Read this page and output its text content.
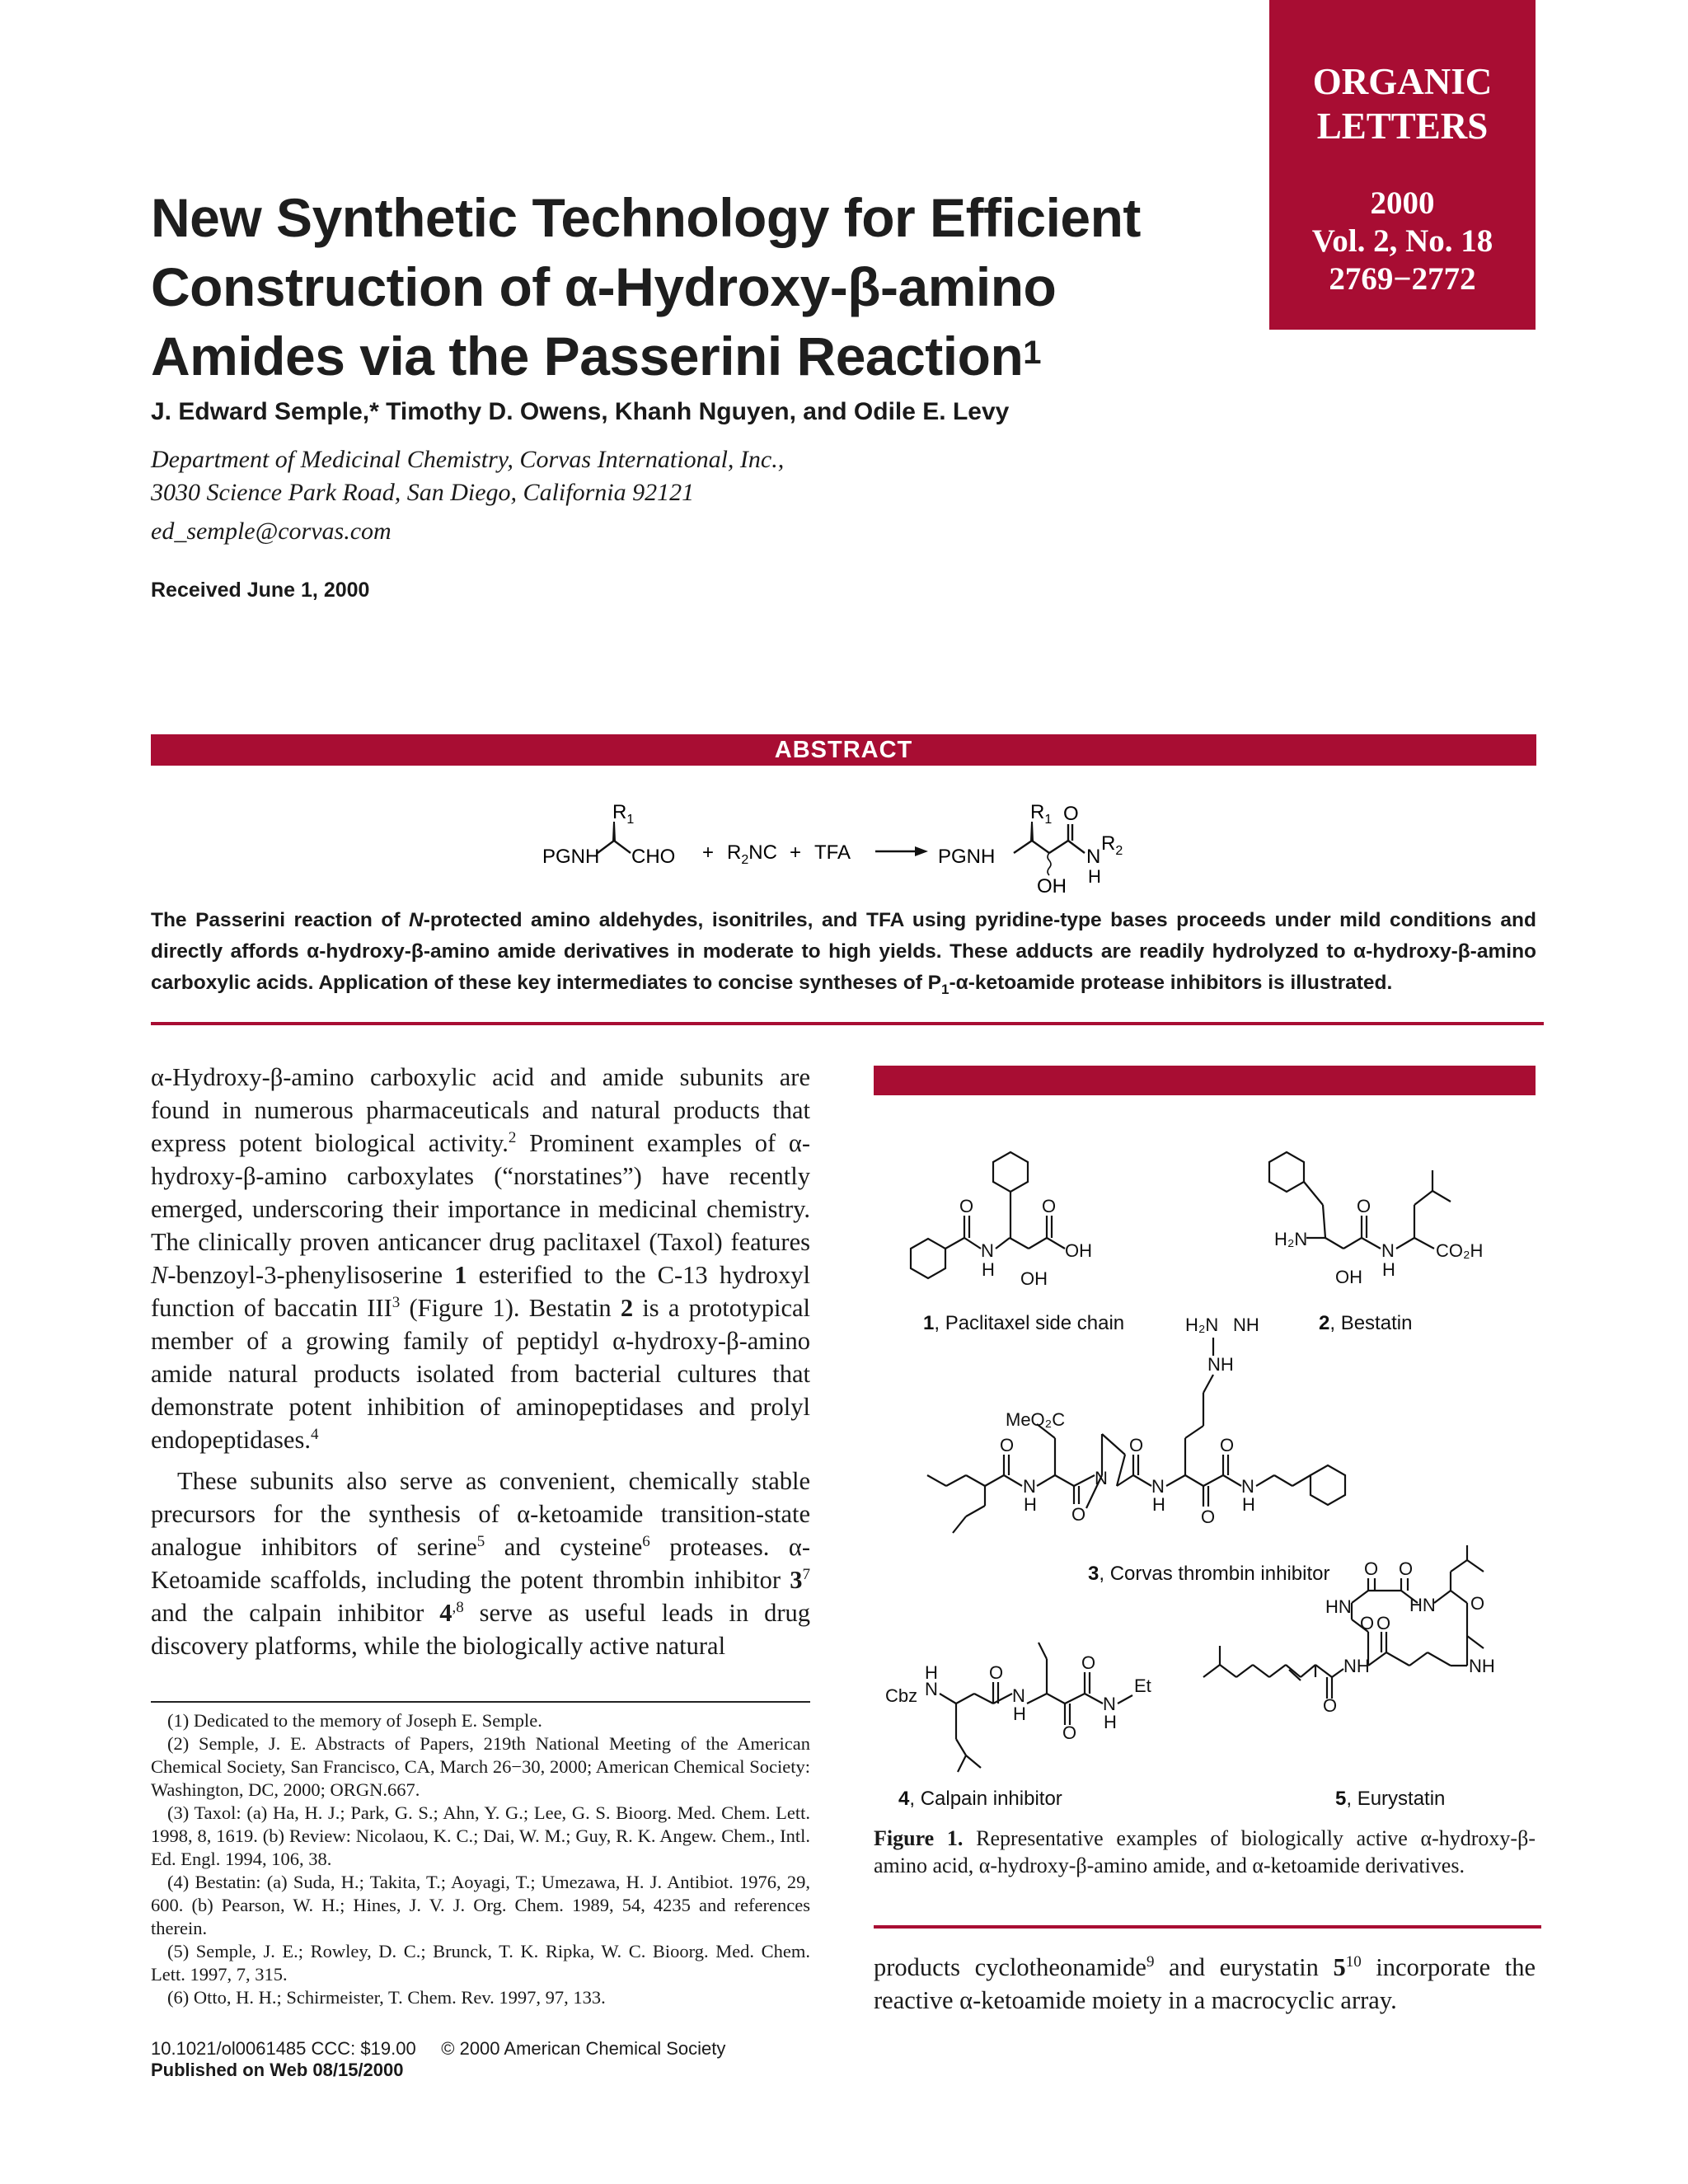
ORGANIC
LETTERS
2000
Vol. 2, No. 18
2769−2772
New Synthetic Technology for Efficient
Construction of α-Hydroxy-β-amino
Amides via the Passerini Reaction$^1$
J. Edward Semple,* Timothy D. Owens, Khanh Nguyen, and Odile E. Levy
Department of Medicinal Chemistry, Corvas International, Inc.,
3030 Science Park Road, San Diego, California 92121
ed_semple@corvas.com
Received June 1, 2000
ABSTRACT
$R_1$
PGNH CHO + $R_2NC$ + TFA
$R_1$ O
PGNH	N
H
$R_2$
OH
The Passerini reaction of N-protected amino aldehydes, isonitriles, and TFA using pyridine-type bases proceeds under mild conditions and directly affords α-hydroxy-β-amino amide derivatives in moderate to high yields. These adducts are readily hydrolyzed to α-hydroxy-β-amino carboxylic acids. Application of these key intermediates to concise syntheses of $P_1-\alpha$-ketoamide protease inhibitors is illustrated.

α-Hydroxy-β-amino carboxylic acid and amide subunits are found in numerous pharmaceuticals and natural products that express potent biological activity.$^2$ Prominent examples of α-hydroxy-β-amino carboxylates (“norstatines”) have recently emerged, underscoring their importance in medicinal chemistry. The clinically proven anticancer drug paclitaxel (Taxol) features N-benzoyl-3-phenylisoserine 1 esterified to the C-13 hydroxyl function of baccatin III$^3$ (Figure 1). Bestatin 2 is a prototypical member of a growing family of peptidyl α-hydroxy-β-amino amide natural products isolated from bacterial cultures that demonstrate potent inhibition of aminopeptidases and prolyl endopeptidases.$^4$

These subunits also serve as convenient, chemically stable precursors for the synthesis of α-ketoamide transition-state analogue inhibitors of serine$^5$ and cysteine$^6$ proteases. α-Ketoamide scaffolds, including the potent thrombin inhibitor $3^7$ and the calpain inhibitor $4^{,8}$ serve as useful leads in drug discovery platforms, while the biologically active natural

(1) Dedicated to the memory of Joseph E. Semple.

(2) Semple, J. E. Abstracts of Papers, 219th National Meeting of the American Chemical Society, San Francisco, CA, March 26−30, 2000; American Chemical Society: Washington, DC, 2000; ORGN.667.

(3) Taxol: (a) Ha, H. J.; Park, G. S.; Ahn, Y. G.; Lee, G. S. Bioorg. Med. Chem. Lett. 1998, 8, 1619. (b) Review: Nicolaou, K. C.; Dai, W. M.; Guy, R. K. Angew. Chem., Intl. Ed. Engl. 1994, 106, 38.

(4) Bestatin: (a) Suda, H.; Takita, T.; Aoyagi, T.; Umezawa, H. J. Antibiot. 1976, 29, 600. (b) Pearson, W. H.; Hines, J. V. J. Org. Chem. 1989, 54, 4235 and references therein.

(5) Semple, J. E.; Rowley, D. C.; Brunck, T. K. Ripka, W. C. Bioorg. Med. Chem. Lett. 1997, 7, 315.

(6) Otto, H. H.; Schirmeister, T. Chem. Rev. 1997, 97, 133.

10.1021/ol0061485 CCC: $19.00     © 2000 American Chemical Society
Published on Web 08/15/2000
O
N
H
O
OH
OH
H₂N
O
OH
N
H
CO₂H
H₂N NH
NH
MeO₂C
O
N
H O
N
O
N
H
O
O
N
H
Cbz
H
N
O
N
H
O
O
N
H
Et
O
NH
O O
HN
O O
HN O
NH
1, Paclitaxel side chain	2, Bestatin
3, Corvas thrombin inhibitor
4, Calpain inhibitor	5, Eurystatin
Figure 1. Representative examples of biologically active α-hydroxy-β-amino acid, α-hydroxy-β-amino amide, and α-ketoamide derivatives.
products cyclotheonamide$^9$ and eurystatin $5^{10}$ incorporate the reactive α-ketoamide moiety in a macrocyclic array.
